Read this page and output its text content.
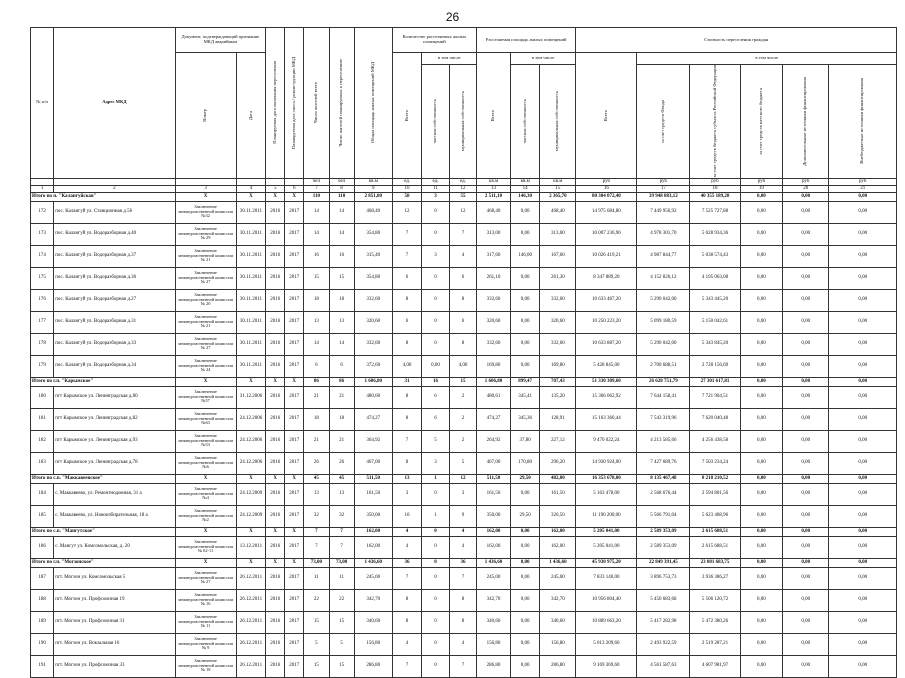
26
№ п/п	Адрес МКД	Документ, подтверждающий признание МКД аварийным		Планируемая дата окончания переселения	Планируемая дата сноса / реконструкции МКД	Число жителей всего	Число жителей планируемых к переселению	Общая площадь жилых помещений МКД	Количество расселяемых жилых помещений			Расселяемая площадь жилых помещений			Стоимость переселения граждан					

		Номер	Дата						Всего	в том числе		Всего	в том числе		Всего	в том числе				

										частная собственность	муниципальная собственность		частная собственность	муниципальная собственность		за счет средств Фонда	за счет средств бюджета субъекта Российской Федерации	за счет средств местного бюджета	Дополнительные источники финансирования	Внебюджетные источники финансирования

						чел	чел	кв.м	ед.	ед.	ед.	кв.м	кв.м	кв.м	руб	руб	руб	руб	руб	руб
1	2	3	4	5	6	7	8	9	10	11	12	13	14	15	16	17	18	19	20	21
Итого по п. "Калангуйская"		X	X	X	X	110	110	2 851,80	58	3	55	2 511,10	146,30	2 365,70	80 304 072,40	39 948 883,12	40 355 189,28	0,00	0,00	0,00
172	пос. Калангуй ул. Станционная д.56	Заключение межведомственной комиссии №32	30.11.2011	2016	2017	14	14	468,40	12	0	12	468,40	0,00	468,40	14 975 684,80	7 449 956,92	7 525 727,88	0,00	0,00	0,00
173	пос. Калангуй ул. Водоразборная д.40	Заключение межведомственной комиссии № 29	30.11.2011	2016	2017	14	14	354,80	7	0	7	313,00	0,00	313,00	10 007 236,96	4 978 301,70	5 028 934,36	0,00	0,00	0,00
174	пос. Калангуй ул. Водоразборная д.37	Заключение межведомственной комиссии № 21	30.11.2011	2016	2017	16	16	315,40	7	3	4	317,60	146,00	167,60	10 026 419,21	4 987 844,77	5 038 574,43	0,00	0,00	0,00
175	пос. Калангуй ул. Водоразборная д.36	Заключение межведомственной комиссии № 27	30.11.2011	2016	2017	15	15	354,80	6	0	6	261,10	0,00	261,30	8 347 889,20	4 152 826,12	4 195 063,08	0,00	0,00	0,00
176	пос. Калангуй ул. Водоразборная д.27	Заключение межведомственной комиссии № 20	30.11.2011	2016	2017	18	18	332,60	8	0	8	332,60	0,00	332,60	10 633 487,20	5 290 042,00	5 343 445,20	0,00	0,00	0,00
177	пос. Калангуй ул. Водоразборная д.31	Заключение межведомственной комиссии № 21	30.11.2011	2016	2017	13	13	320,60	6	0	6	320,60	0,00	320,60	10 250 223,20	5 099 180,59	5 150 042,61	0,00	0,00	0,00
178	пос. Калангуй ул. Водоразборная д.33	Заключение межведомственной комиссии № 27	30.11.2011	2016	2017	14	14	332,60	8	0	8	332,60	0,00	332,60	10 633 887,20	5 290 042,00	5 343 845,20	0,00	0,00	0,00
179	пос. Калангуй ул. Водоразборная д.34	Заключение межведомственной комиссии № 24	30.11.2011	2016	2017	6	6	372,60	4,00	0,00	4,00	169,80	0,00	169,80	5 428 845,00	2 700 688,51	2 728 156,69	0,00	0,00	0,00
Итого по г.п. "Карымское"		X	X	X	X	86	86	1 606,80	31	16	15	1 606,80	899,47	707,43	51 330 309,60	26 628 751,79	27 301 617,81	0,00	0,00	0,00
180	пгт Карымское ул. Ленинградская д.80	Заключение межведомственной комиссии №57	31.12.2006	2016	2017	21	21	480,60	8	6	2	480,61	345,41	135,20	15 366 062,92	7 644 158,41	7 721 904,51	0,00	0,00	0,00
181	пгт Карымское ул. Ленинградская д.82	Заключение межведомственной комиссии №63	24.12.2006	2016	2017	18	18	474,27	8	6	2	474,27	345,36	128,91	15 163 360,44	7 543 319,96	7 620 040,48	0,00	0,00	0,00
182	пгт Карымское ул. Ленинградская д.93	Заключение межведомственной комиссии №53	24.12.2006	2016	2017	21	21	364,92	7	5	2	264,92	37,80	227,12	9 470 022,24	4 213 585,66	4 256 438,58	0,00	0,00	0,00
183	пгт Карымское ул. Ленинградская д.78	Заключение межведомственной комиссии №6	24.12.2006	2016	2017	26	26	467,00	8	3	5	467,00	170,80	296,20	14 930 924,00	7 427 689,76	7 503 234,24	0,00	0,00	0,00
Итого по с.п. "Маккавеевское"		X	X	X	X	45	45	511,50	13	1	12	511,50	29,50	482,00	16 353 678,00	8 135 467,48	8 218 210,52	0,00	0,00	0,00
184	с. Маккавеево, ул. Ремонтнодомная, 31 а	Заключение межведомственной комиссии №4	24.12.2009	2016	2017	13	13	161,50	3	0	3	161,50	0,00	161,50	5 163 478,00	2 568 676,44	2 594 801,56	0,00	0,00	0,00
185	с. Маккавеево, ул. Новоизбирательная, 18 а	Заключение межведомственной комиссии №2	24.12.2009	2016	2017	32	32	350,00	10	1	9	350,00	29,50	320,50	11 190 200,00	5 566 791,04	5 623 408,96	0,00	0,00	0,00
Итого по с.п. "Мангутское"		X	X	X	X	7	7	162,00	4	0	4	162,00	0,00	162,00	5 205 041,00	2 589 353,09	2 615 688,51	0,00	0,00	0,00
186	с. Мангут ул. Комсомольская, д. 20	Заключение межведомственной комиссии № 02-11	13.12.2011	2016	2017	7	7	162,00	4	0	4	162,00	0,00	162,00	5 205 041,00	2 589 353,09	2 615 688,51	0,00	0,00	0,00
Итого по г.п. "Могзонское"		X	X	X	X	73,00	73,00	1 436,60	36	0	36	1 436,60	0,00	1 436,60	45 930 975,20	22 849 391,45	23 081 683,75	0,00	0,00	0,00
187	пгт. Могзон ул. Комсомольская 5	Заключение межведомственной комиссии № 27	26.12.2011	2016	2017	11	11	245,00	7	0	7	245,00	0,00	245,00	7 833 140,00	3 896 753,73	3 936 386,27	0,00	0,00	0,00
188	пгт. Могзон ул. Профсоюзная 19	Заключение межведомственной комиссии № 16	26.12.2011	2016	2017	22	22	342,70	8	0	8	342,70	0,00	342,70	10 956 804,40	5 450 683,68	5 506 120,72	0,00	0,00	0,00
189	пгт. Могзон ул. Профсоюзная 31	Заключение межведомственной комиссии № 11	26.12.2011	2016	2017	15	15	340,60	8	0	8	340,60	0,00	340,60	10 889 663,20	5 417 282,98	5 472 380,26	0,00	0,00	0,00
190	пгт. Могзон ул. Вокзальная 16	Заключение межведомственной комиссии № 9	26.12.2011	2016	2017	5	5	156,80	4	0	4	156,80	0,00	156,80	5 013 209,60	2 493 922,59	2 519 287,21	0,00	0,00	0,00
191	пгт. Могзон ул. Профсоюзная 33	Заключение межведомственной комиссии № 18	26.12.2011	2016	2017	15	15	286,80	7	0	7	286,80	0,00	286,80	9 169 369,60	4 561 587,63	4 607 981,97	0,00	0,00	0,00
